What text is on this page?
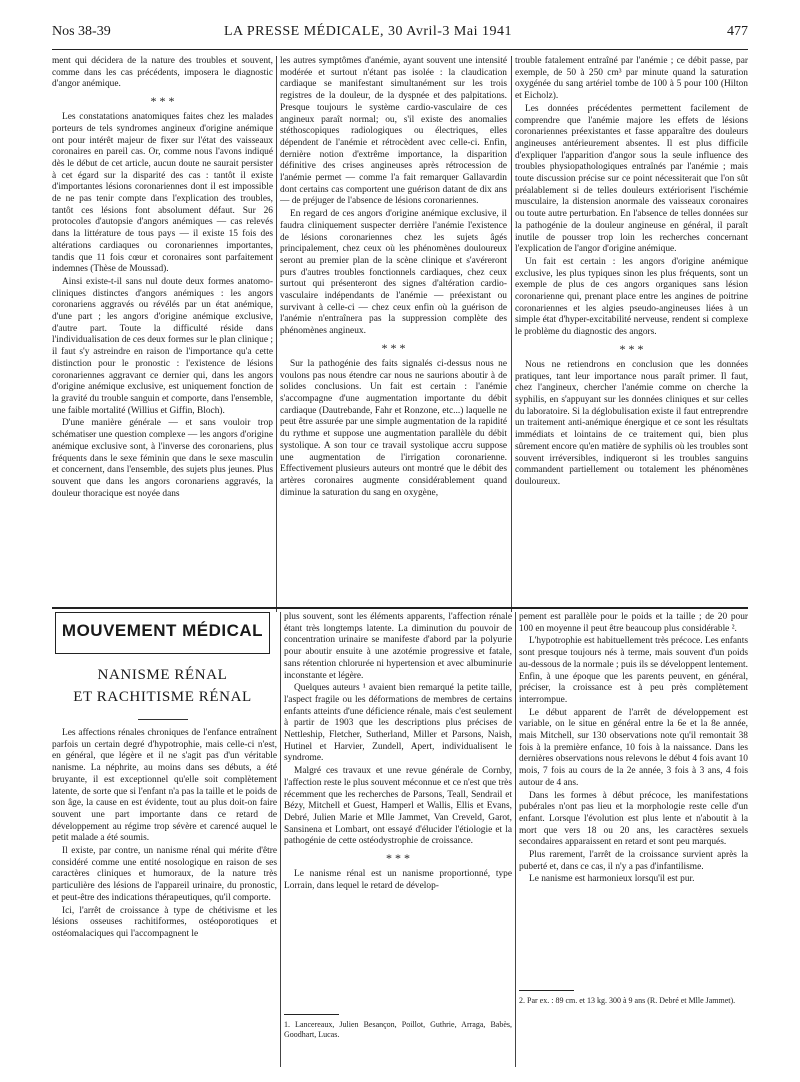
Nos 38-39	LA PRESSE MÉDICALE, 30 Avril-3 Mai 1941	477

ment qui décidera de la nature des troubles et souvent, comme dans les cas précédents, imposera le diagnostic d'angor anémique.

* * *

Les constatations anatomiques faites chez les malades porteurs de tels syndromes angineux d'origine anémique ont pour intérêt majeur de fixer sur l'état des vaisseaux coronaires en pareil cas. Or, comme nous l'avons indiqué dès le début de cet article, aucun doute ne saurait persister à cet égard sur la disparité des cas : tantôt il existe d'importantes lésions coronariennes dont il est impossible de ne pas tenir compte dans l'explication des troubles, tantôt ces lésions font absolument défaut. Sur 26 protocoles d'autopsie d'angors anémiques — cas relevés dans la littérature de tous pays — il existe 15 fois des altérations cardiaques ou coronariennes importantes, tandis que 11 fois cœur et coronaires sont parfaitement indemnes (Thèse de Moussad).

Ainsi existe-t-il sans nul doute deux formes anatomo-cliniques distinctes d'angors anémiques : les angors coronariens aggravés ou révélés par un état anémique, d'une part ; les angors d'origine anémique exclusive, d'autre part. Toute la difficulté réside dans l'individualisation de ces deux formes sur le plan clinique ; il faut s'y astreindre en raison de l'importance qu'a cette distinction pour le pronostic : l'existence de lésions coronariennes aggravant ce dernier qui, dans les angors d'origine anémique exclusive, est uniquement fonction de la gravité du trouble sanguin et comporte, dans l'ensemble, une faible mortalité (Willius et Giffin, Bloch).

D'une manière générale — et sans vouloir trop schématiser une question complexe — les angors d'origine anémique exclusive sont, à l'inverse des coronariens, plus fréquents dans le sexe féminin que dans le sexe masculin et concernent, dans l'ensemble, des sujets plus jeunes. Plus souvent que dans les angors coronariens aggravés, la douleur thoracique est noyée dans

les autres symptômes d'anémie, ayant souvent une intensité modérée et surtout n'étant pas isolée : la claudication cardiaque se manifestant simultanément sur les trois registres de la douleur, de la dyspnée et des palpitations. Presque toujours le système cardio-vasculaire de ces angineux paraît normal; ou, s'il existe des anomalies stéthoscopiques radiologiques ou électriques, elles dépendent de l'anémie et rétrocèdent avec celle-ci. Enfin, dernière notion d'extrême importance, la disparition définitive des crises angineuses après rétrocession de l'anémie permet — comme l'a fait remarquer Gallavardin dont certains cas comportent une guérison datant de dix ans — de préjuger de l'absence de lésions coronariennes.

En regard de ces angors d'origine anémique exclusive, il faudra cliniquement suspecter derrière l'anémie l'existence de lésions coronariennes chez les sujets âgés principalement, chez ceux où les phénomènes douloureux seront au premier plan de la scène clinique et s'avéreront purs d'autres troubles fonctionnels cardiaques, chez ceux surtout qui présenteront des signes d'altération cardio-vasculaire indépendants de l'anémie — préexistant ou survivant à celle-ci — chez ceux enfin où la guérison de l'anémie n'entraînera pas la suppression complète des phénomènes angineux.

* * *

Sur la pathogénie des faits signalés ci-dessus nous ne voulons pas nous étendre car nous ne saurions aboutir à de solides conclusions. Un fait est certain : l'anémie s'accompagne d'une augmentation importante du débit cardiaque (Dautrebande, Fahr et Ronzone, etc...) laquelle ne peut être assurée par une simple augmentation de la rapidité du rythme et suppose une augmentation parallèle du débit systolique. A son tour ce travail systolique accru suppose une augmentation de l'irrigation coronarienne. Effectivement plusieurs auteurs ont montré que le débit des artères coronaires augmente considérablement quand diminue la saturation du sang en oxygène,

trouble fatalement entraîné par l'anémie ; ce débit passe, par exemple, de 50 à 250 cm³ par minute quand la saturation oxygénée du sang artériel tombe de 100 à 5 pour 100 (Hilton et Eicholz).

Les données précédentes permettent facilement de comprendre que l'anémie majore les effets de lésions coronariennes préexistantes et fasse apparaître des douleurs angineuses antérieurement absentes. Il est plus difficile d'expliquer l'apparition d'angor sous la seule influence des troubles physiopathologiques entraînés par l'anémie ; mais toute discussion précise sur ce point nécessiterait que l'on sût préalablement si de telles douleurs extériorisent l'ischémie musculaire, la distension anormale des vaisseaux coronaires ou toute autre perturbation. En l'absence de telles données sur la pathogénie de la douleur angineuse en général, il paraît inutile de pousser trop loin les recherches concernant l'explication de l'angor d'origine anémique.

Un fait est certain : les angors d'origine anémique exclusive, les plus typiques sinon les plus fréquents, sont un exemple de plus de ces angors organiques sans lésion coronarienne qui, prenant place entre les angines de poitrine coronariennes et les algies pseudo-angineuses liées à un simple état d'hyper-excitabilité nerveuse, rendent si complexe le problème du diagnostic des angors.

* * *

Nous ne retiendrons en conclusion que les données pratiques, tant leur importance nous paraît primer. Il faut, chez l'angineux, chercher l'anémie comme on cherche la syphilis, en s'appuyant sur les données cliniques et sur celles du laboratoire. Si la déglobulisation existe il faut entreprendre un traitement anti-anémique énergique et ce sont les résultats immédiats et lointains de ce traitement qui, bien plus sûrement encore qu'en matière de syphilis où les troubles sont souvent irréversibles, indiqueront si les troubles sanguins commandent partiellement ou totalement les phénomènes douloureux.

MOUVEMENT MÉDICAL
NANISME RÉNAL
ET RACHITISME RÉNAL

Les affections rénales chroniques de l'enfance entraînent parfois un certain degré d'hypotrophie, mais celle-ci n'est, en général, que légère et il ne s'agit pas d'un véritable nanisme. La néphrite, au moins dans ses débuts, a été bruyante, il est exceptionnel qu'elle soit complètement latente, de sorte que si l'enfant n'a pas la taille et le poids de son âge, la cause en est évidente, tout au plus doit-on faire souvent une part importante dans ce retard de développement au régime trop sévère et carencé auquel le petit malade a été soumis.

Il existe, par contre, un nanisme rénal qui mérite d'être considéré comme une entité nosologique en raison de ses caractères cliniques et humoraux, de la nature très particulière des lésions de l'appareil urinaire, du pronostic, et peut-être des indications thérapeutiques, qu'il comporte.

Ici, l'arrêt de croissance à type de chétivisme et les lésions osseuses rachitiformes, ostéoporotiques et ostéomalaciques qui l'accompagnent le

plus souvent, sont les éléments apparents, l'affection rénale étant très longtemps latente. La diminution du pouvoir de concentration urinaire se manifeste d'abord par la polyurie pour aboutir ensuite à une azotémie progressive et fatale, sans rétention chlorurée ni hypertension et avec albuminurie inconstante et légère.

Quelques auteurs ¹ avaient bien remarqué la petite taille, l'aspect fragile ou les déformations de membres de certains enfants atteints d'une déficience rénale, mais c'est seulement à partir de 1903 que les descriptions plus précises de Nettleship, Fletcher, Sutherland, Miller et Parsons, Naish, Hutinel et Harvier, Zundell, Apert, individualisent le syndrome.

Malgré ces travaux et une revue générale de Cornby, l'affection reste le plus souvent méconnue et ce n'est que très récemment que les recherches de Parsons, Teall, Sendrail et Bézy, Mitchell et Guest, Hamperl et Wallis, Ellis et Evans, Debré, Julien Marie et Mlle Jammet, Van Creveld, Garot, Sansinena et Lombart, ont essayé d'élucider l'étiologie et la pathogénie de cette ostéodystrophie de croissance.

* * *

Le nanisme rénal est un nanisme proportionné, type Lorrain, dans lequel le retard de dévelop-

1. Lancereaux, Julien Besançon, Poillot, Guthrie, Arraga, Babès, Goodhart, Lucas.

pement est parallèle pour le poids et la taille ; de 20 pour 100 en moyenne il peut être beaucoup plus considérable ².

L'hypotrophie est habituellement très précoce. Les enfants sont presque toujours nés à terme, mais souvent d'un poids au-dessous de la normale ; puis ils se développent lentement. Enfin, à une époque que les parents peuvent, en général, préciser, la croissance est à peu près complètement interrompue.

Le début apparent de l'arrêt de développement est variable, on le situe en général entre la 6e et la 8e année, mais Mitchell, sur 130 observations note qu'il remontait 38 fois à la première enfance, 10 fois à la naissance. Dans les dernières observations nous relevons le début 4 fois avant 10 mois, 7 fois au cours de la 2e année, 3 fois à 3 ans, 4 fois autour de 4 ans.

Dans les formes à début précoce, les manifestations pubérales n'ont pas lieu et la morphologie reste celle d'un enfant. Lorsque l'évolution est plus lente et n'aboutit à la mort que vers 18 ou 20 ans, les caractères sexuels secondaires apparaissent en retard et sont peu marqués.

Plus rarement, l'arrêt de la croissance survient après la puberté et, dans ce cas, il n'y a pas d'infantilisme.

Le nanisme est harmonieux lorsqu'il est pur.

2. Par ex. : 89 cm. et 13 kg. 300 à 9 ans (R. Debré et Mlle Jammet).
